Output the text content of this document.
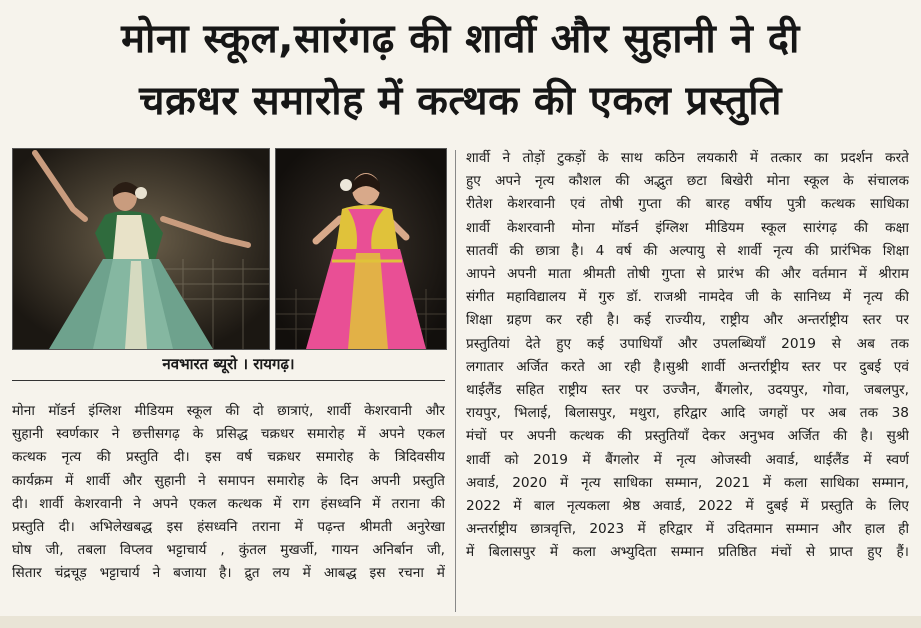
मोना स्कूल,सारंगढ़ की शार्वी और सुहानी ने दी
चक्रधर समारोह में कत्थक की एकल प्रस्तुति
नवभारत ब्यूरो । रायगढ़।
मोना मॉडर्न इंग्लिश मीडियम स्कूल की दो छात्राएं, शार्वी केशरवानी और
सुहानी स्वर्णकार ने छत्तीसगढ़ के प्रसिद्ध चक्रधर समारोह में अपने एकल
कत्थक नृत्य की प्रस्तुति दी। इस वर्ष चक्रधर समारोह के त्रिदिवसीय
कार्यक्रम में शार्वी और सुहानी ने समापन समारोह के दिन अपनी प्रस्तुति
दी। शार्वी केशरवानी ने अपने एकल कत्थक में राग हंसध्वनि में तराना की
प्रस्तुति दी। अभिलेखबद्ध इस हंसध्वनि तराना में पढ़न्त श्रीमती अनुरेखा
घोष जी, तबला विप्लव भट्टाचार्य , कुंतल मुखर्जी, गायन अनिर्बान जी,
सितार चंद्रचूड़ भट्टाचार्य ने बजाया है। द्रुत लय में आबद्ध इस रचना में
शार्वी ने तोड़ों टुकड़ों के साथ कठिन लयकारी में तत्कार का प्रदर्शन करते
हुए अपने नृत्य कौशल की अद्भुत छटा बिखेरी मोना स्कूल के संचालक
रीतेश केशरवानी एवं तोषी गुप्ता की बारह वर्षीय पुत्री कत्थक साधिका
शार्वी केशरवानी मोना मॉडर्न इंग्लिश मीडियम स्कूल सारंगढ़ की कक्षा
सातवीं की छात्रा है। 4 वर्ष की अल्पायु से शार्वी नृत्य की प्रारंभिक शिक्षा
आपने अपनी माता श्रीमती तोषी गुप्ता से प्रारंभ की और वर्तमान में श्रीराम
संगीत महाविद्यालय में गुरु डॉ. राजश्री नामदेव जी के सानिध्य में नृत्य की
शिक्षा ग्रहण कर रही है। कई राज्यीय, राष्ट्रीय और अन्तर्राष्ट्रीय स्तर पर
प्रस्तुतियां देते हुए कई उपाधियाँ और उपलब्धियाँ 2019 से अब तक
लगातार अर्जित करते आ रही है।सुश्री शार्वी अन्तर्राष्ट्रीय स्तर पर दुबई एवं
थाईलैंड सहित राष्ट्रीय स्तर पर उज्जैन, बैंगलोर, उदयपुर, गोवा, जबलपुर,
रायपुर, भिलाई, बिलासपुर, मथुरा, हरिद्वार आदि जगहों पर अब तक 38
मंचों पर अपनी कत्थक की प्रस्तुतियाँ देकर अनुभव अर्जित की है। सुश्री
शार्वी को 2019 में बैंगलोर में नृत्य ओजस्वी अवार्ड, थाईलैंड में स्वर्ण
अवार्ड, 2020 में नृत्य साधिका सम्मान, 2021 में कला साधिका सम्मान,
2022 में बाल नृत्यकला श्रेष्ठ अवार्ड, 2022 में दुबई में प्रस्तुति के लिए
अन्तर्राष्ट्रीय छात्रवृत्ति, 2023 में हरिद्वार में उदितमान सम्मान और हाल ही
में बिलासपुर में कला अभ्युदिता सम्मान प्रतिष्ठित मंचों से प्राप्त हुए हैं।
